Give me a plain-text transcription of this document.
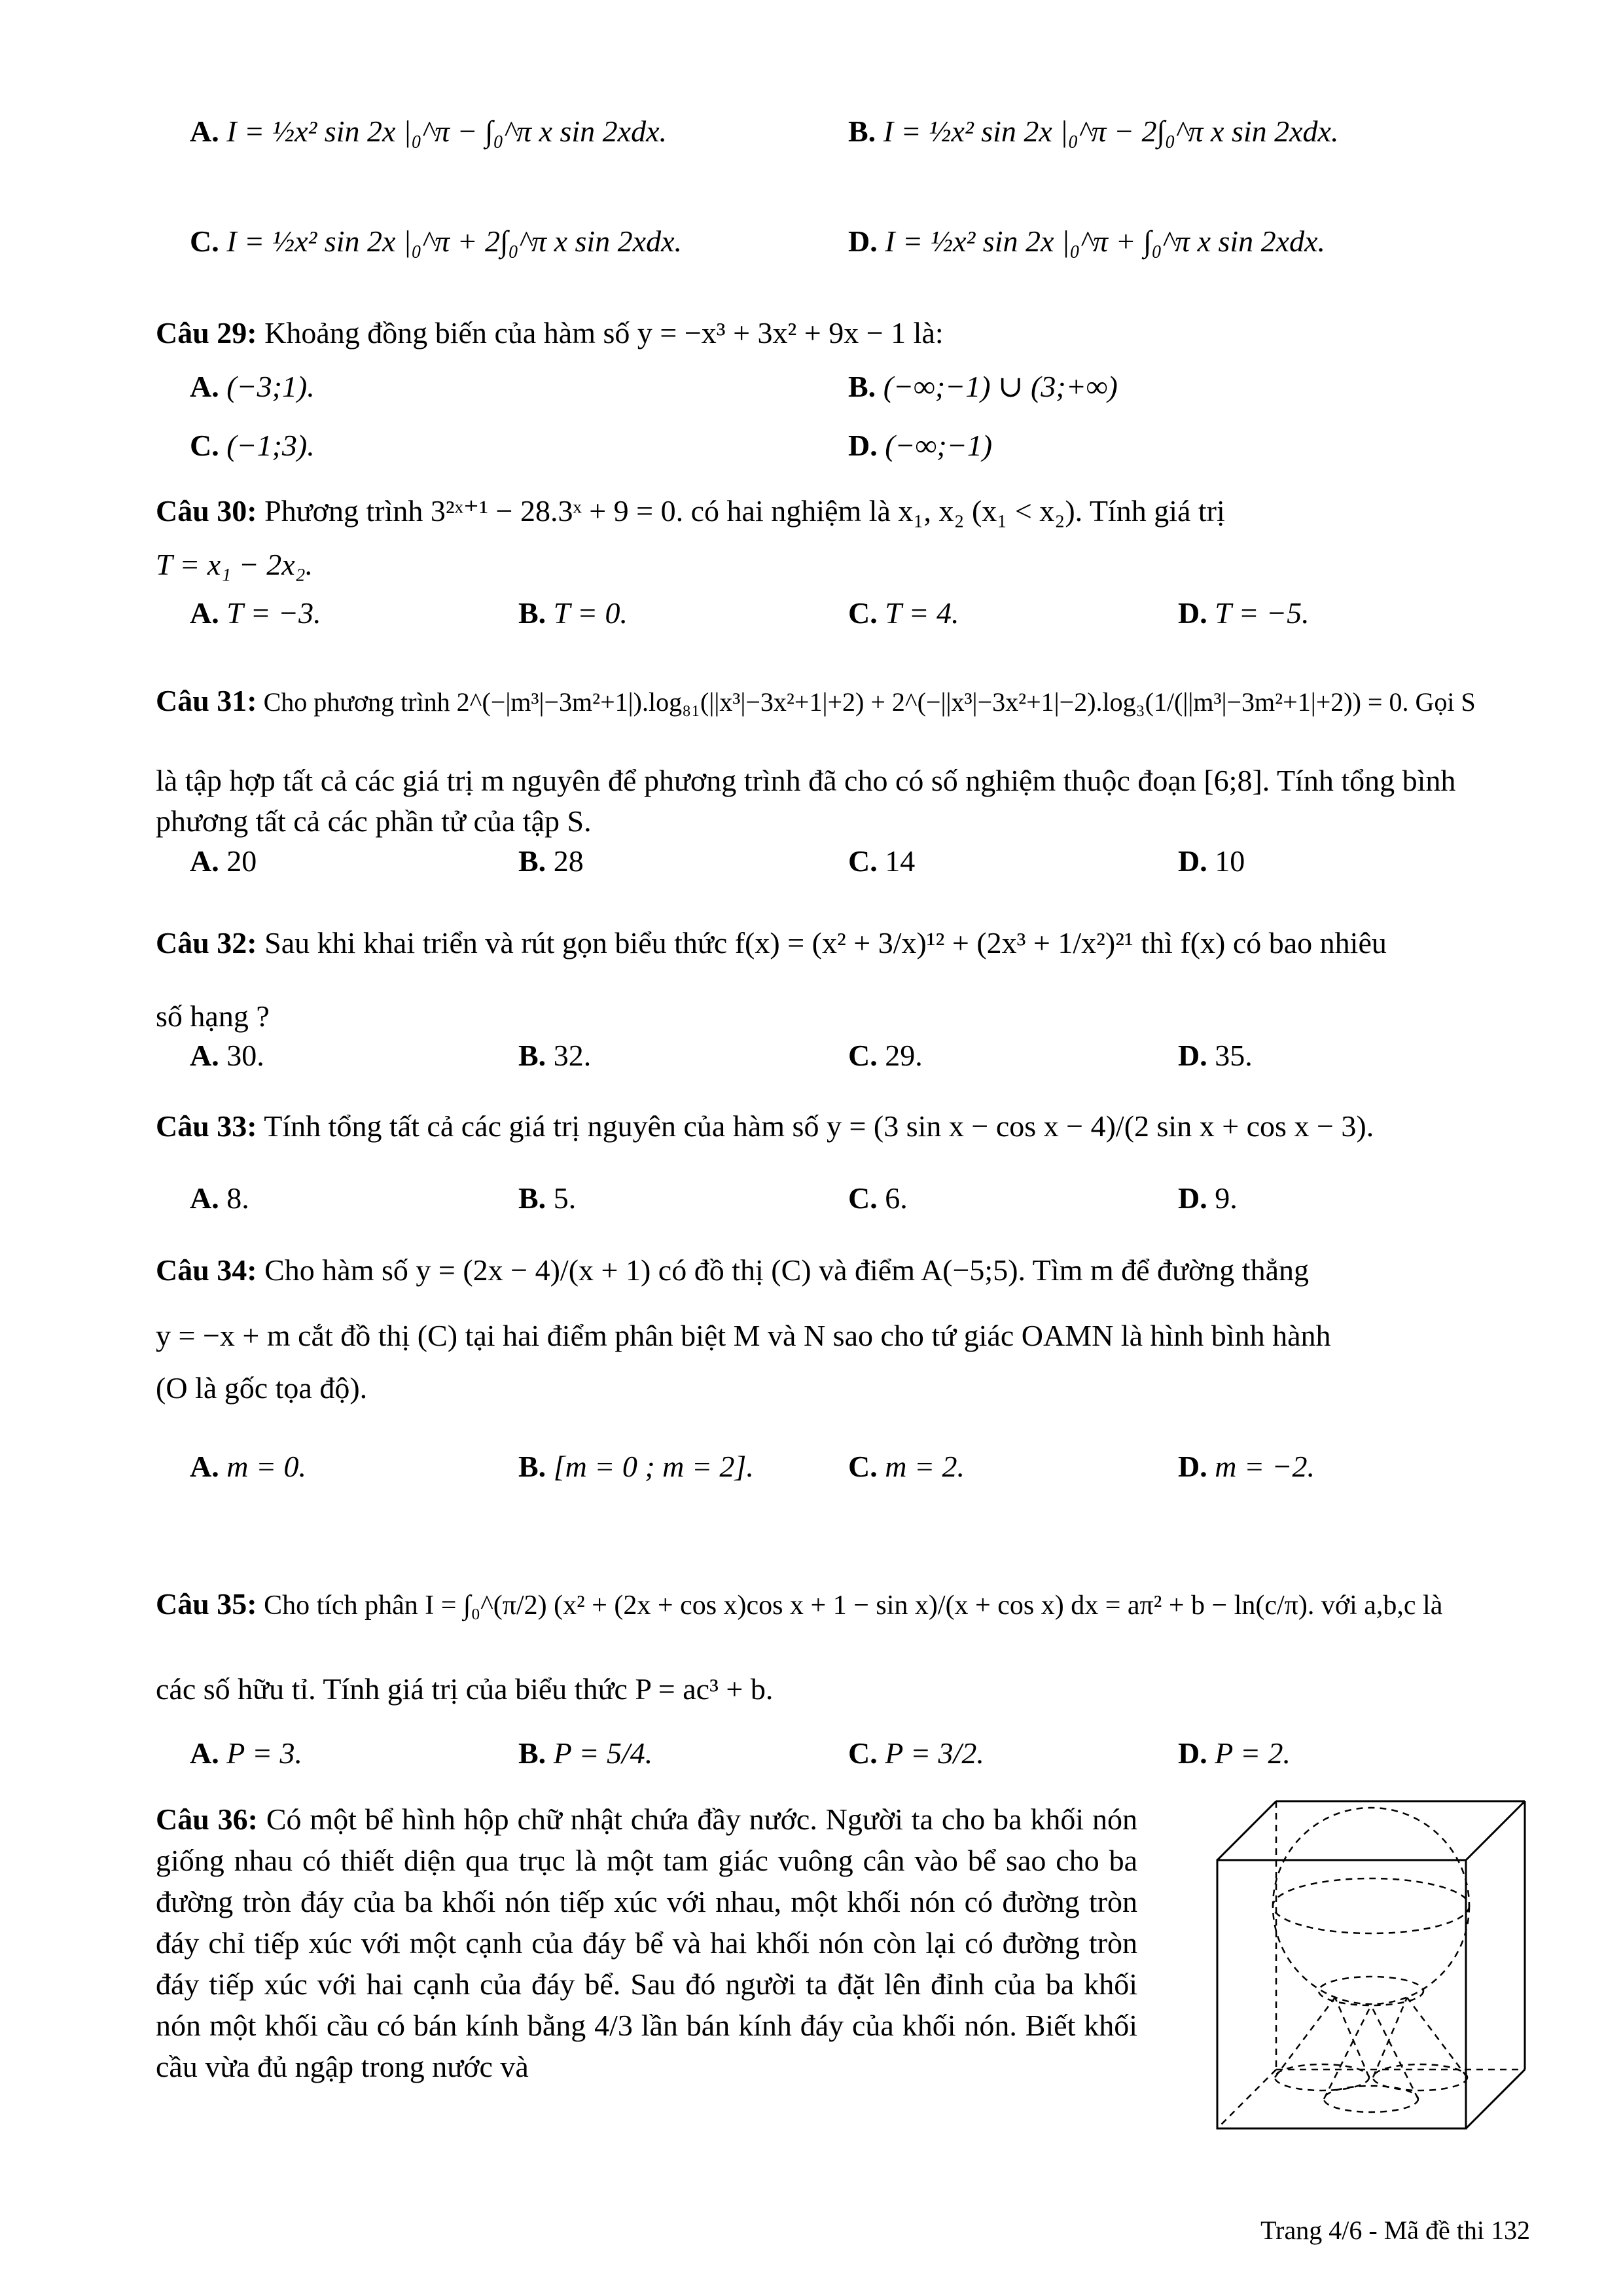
A. I = ½x² sin 2x |₀^π − ∫₀^π x sin 2xdx.	B. I = ½x² sin 2x |₀^π − 2∫₀^π x sin 2xdx.
C. I = ½x² sin 2x |₀^π + 2∫₀^π x sin 2xdx.	D. I = ½x² sin 2x |₀^π + ∫₀^π x sin 2xdx.
Câu 29: Khoảng đồng biến của hàm số y = −x³ + 3x² + 9x − 1 là:
A. (−3;1).	B. (−∞;−1) ∪ (3;+∞)
C. (−1;3).	D. (−∞;−1)
Câu 30: Phương trình 3²ˣ⁺¹ − 28.3ˣ + 9 = 0. có hai nghiệm là x₁, x₂ (x₁ < x₂). Tính giá trị
T = x₁ − 2x₂.
A. T = −3.	B. T = 0.	C. T = 4.	D. T = −5.
Câu 31: Cho phương trình 2^(−|m³|−3m²+1|).log₈₁(||x³|−3x²+1|+2) + 2^(−||x³|−3x²+1|−2).log₃(1/(||m³|−3m²+1|+2)) = 0. Gọi S
là tập hợp tất cả các giá trị m nguyên để phương trình đã cho có số nghiệm thuộc đoạn [6;8]. Tính tổng bình phương tất cả các phần tử của tập S.
A. 20	B. 28	C. 14	D. 10
Câu 32: Sau khi khai triển và rút gọn biểu thức f(x) = (x² + 3/x)¹² + (2x³ + 1/x²)²¹ thì f(x) có bao nhiêu
số hạng ?
A. 30.	B. 32.	C. 29.	D. 35.
Câu 33: Tính tổng tất cả các giá trị nguyên của hàm số y = (3 sin x − cos x − 4)/(2 sin x + cos x − 3).
A. 8.	B. 5.	C. 6.	D. 9.
Câu 34: Cho hàm số y = (2x − 4)/(x + 1) có đồ thị (C) và điểm A(−5;5). Tìm m để đường thẳng
y = −x + m cắt đồ thị (C) tại hai điểm phân biệt M và N sao cho tứ giác OAMN là hình bình hành
(O là gốc tọa độ).
A. m = 0.	B. [m = 0 ; m = 2].	C. m = 2.	D. m = −2.
Câu 35: Cho tích phân I = ∫₀^(π/2) (x² + (2x + cos x)cos x + 1 − sin x)/(x + cos x) dx = aπ² + b − ln(c/π). với a,b,c là
các số hữu tỉ. Tính giá trị của biểu thức P = ac³ + b.
A. P = 3.	B. P = 5/4.	C. P = 3/2.	D. P = 2.
Câu 36: Có một bể hình hộp chữ nhật chứa đầy nước. Người ta cho ba khối nón giống nhau có thiết diện qua trục là một tam giác vuông cân vào bể sao cho ba đường tròn đáy của ba khối nón tiếp xúc với nhau, một khối nón có đường tròn đáy chỉ tiếp xúc với một cạnh của đáy bể và hai khối nón còn lại có đường tròn đáy tiếp xúc với hai cạnh của đáy bể. Sau đó người ta đặt lên đỉnh của ba khối nón một khối cầu có bán kính bằng 4/3 lần bán kính đáy của khối nón. Biết khối cầu vừa đủ ngập trong nước và
Trang 4/6 - Mã đề thi 132
